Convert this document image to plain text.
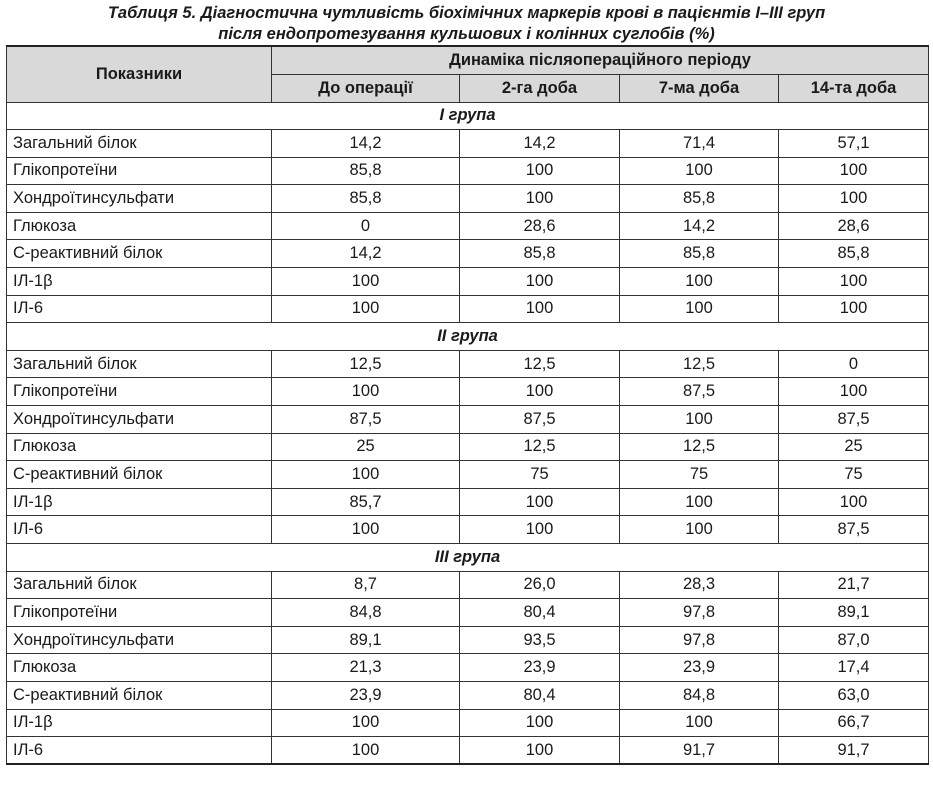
Таблиця 5. Діагностична чутливість біохімічних маркерів крові в пацієнтів I–III груп
після ендопротезування кульшових і колінних суглобів (%)
Показники	Динаміка післяопераційного періоду			
	До операції	2-га доба	7-ма доба	14-та доба
I група				
Загальний білок	14,2	14,2	71,4	57,1
Глікопротеїни	85,8	100	100	100
Хондроїтинсульфати	85,8	100	85,8	100
Глюкоза	0	28,6	14,2	28,6
С-реактивний білок	14,2	85,8	85,8	85,8
ІЛ-1β	100	100	100	100
ІЛ-6	100	100	100	100
II група				
Загальний білок	12,5	12,5	12,5	0
Глікопротеїни	100	100	87,5	100
Хондроїтинсульфати	87,5	87,5	100	87,5
Глюкоза	25	12,5	12,5	25
С-реактивний білок	100	75	75	75
ІЛ-1β	85,7	100	100	100
ІЛ-6	100	100	100	87,5
III група				
Загальний білок	8,7	26,0	28,3	21,7
Глікопротеїни	84,8	80,4	97,8	89,1
Хондроїтинсульфати	89,1	93,5	97,8	87,0
Глюкоза	21,3	23,9	23,9	17,4
С-реактивний білок	23,9	80,4	84,8	63,0
ІЛ-1β	100	100	100	66,7
ІЛ-6	100	100	91,7	91,7
